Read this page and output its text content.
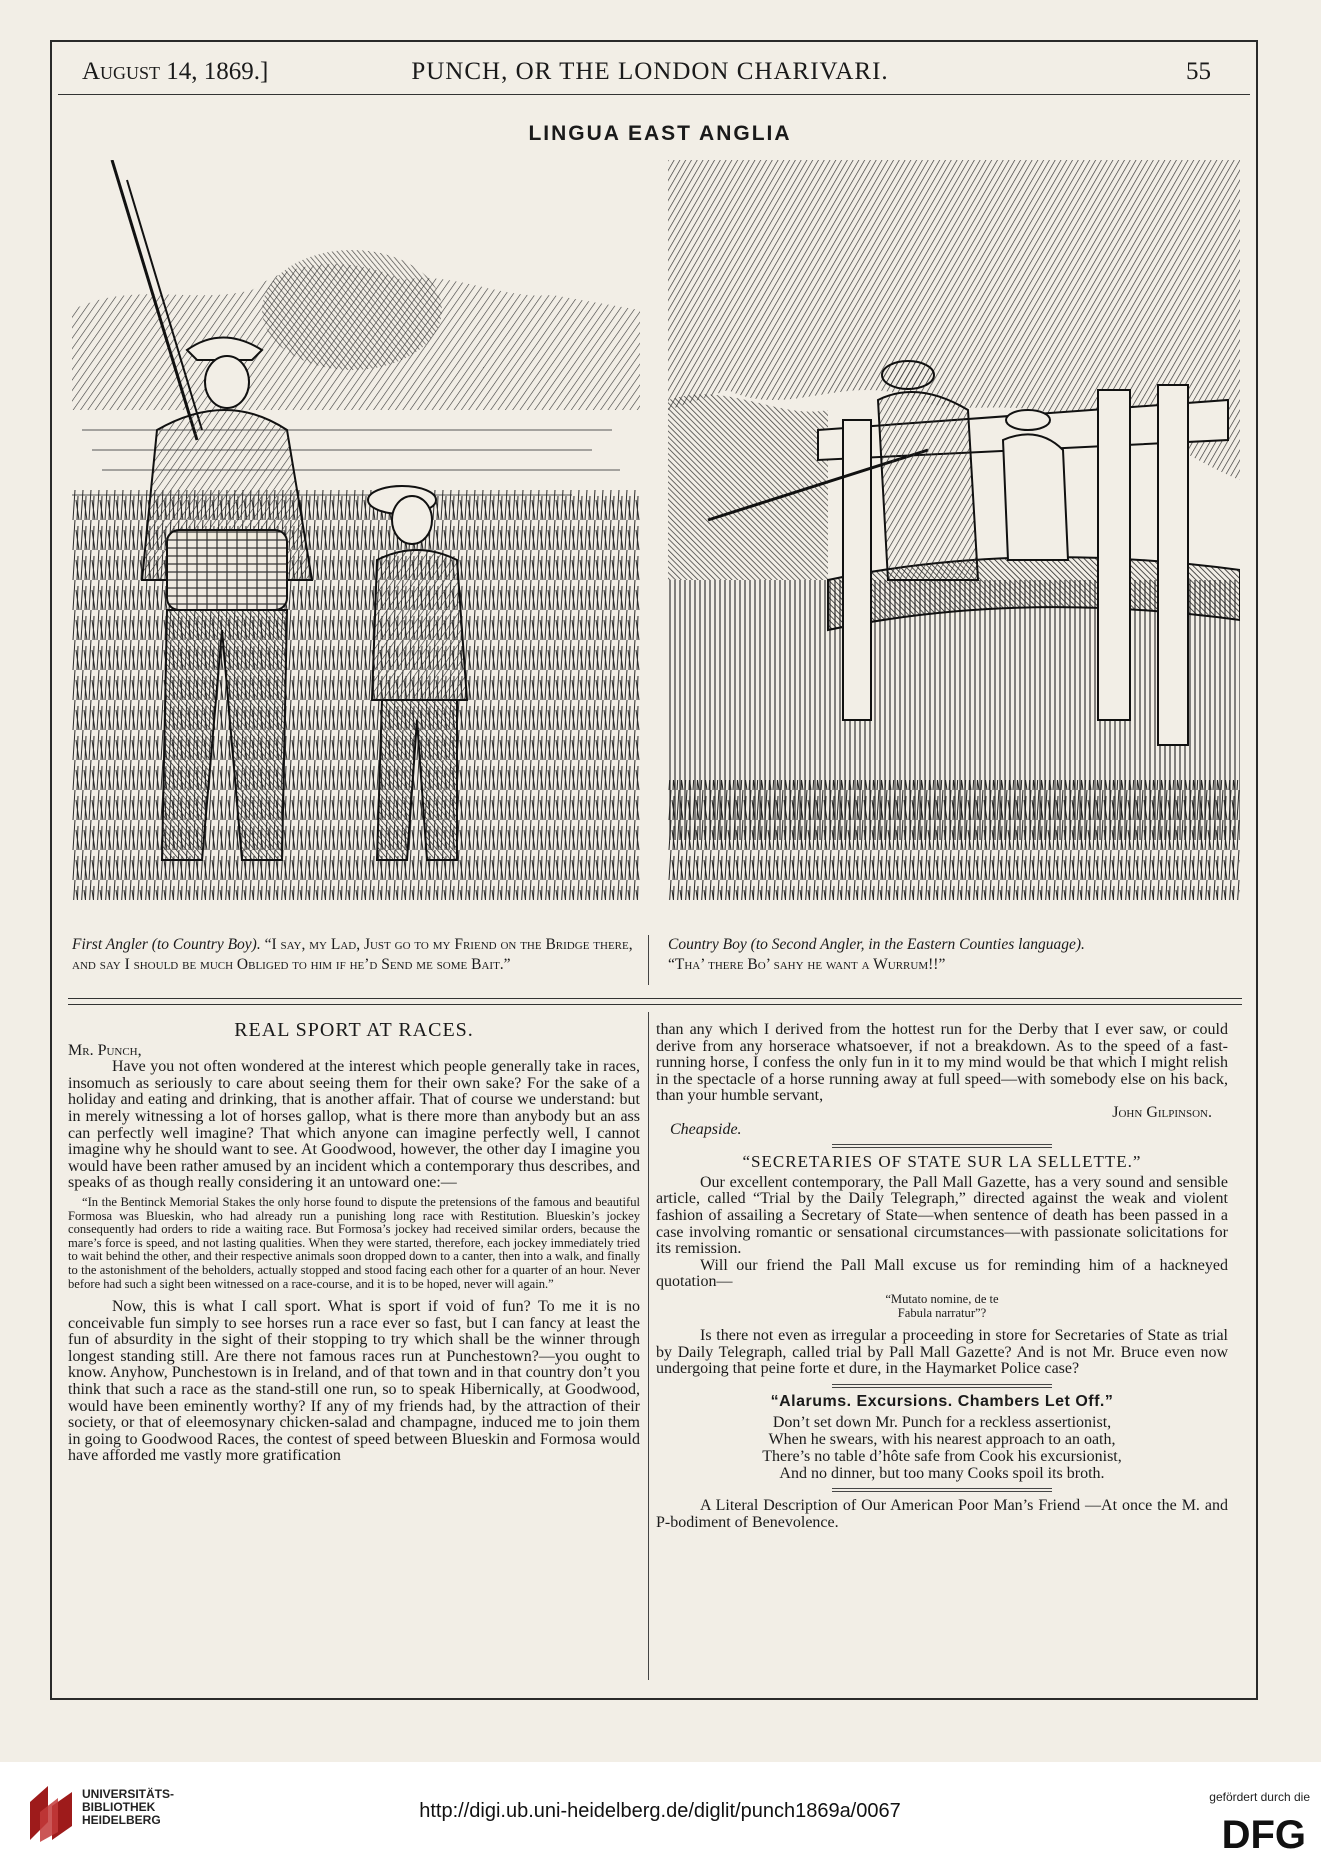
August 14, 1869.]	PUNCH, OR THE LONDON CHARIVARI.	55
LINGUA EAST ANGLIA
First Angler (to Country Boy). “I say, my Lad, Just go to my Friend on the Bridge there, and say I should be much Obliged to him if he’d Send me some Bait.”
Country Boy (to Second Angler, in the Eastern Counties language).
“Tha’ there Bo’ sahy he want a Wurrum!!”
REAL SPORT AT RACES.

Mr. Punch,

Have you not often wondered at the interest which people generally take in races, insomuch as seriously to care about seeing them for their own sake? For the sake of a holiday and eating and drinking, that is another affair. That of course we understand: but in merely witnessing a lot of horses gallop, what is there more than anybody but an ass can perfectly well imagine? That which anyone can imagine perfectly well, I cannot imagine why he should want to see. At Goodwood, however, the other day I imagine you would have been rather amused by an incident which a contemporary thus describes, and speaks of as though really considering it an untoward one:—

“In the Bentinck Memorial Stakes the only horse found to dispute the pretensions of the famous and beautiful Formosa was Blueskin, who had already run a punishing long race with Restitution. Blueskin’s jockey consequently had orders to ride a waiting race. But Formosa’s jockey had received similar orders, because the mare’s force is speed, and not lasting qualities. When they were started, therefore, each jockey immediately tried to wait behind the other, and their respective animals soon dropped down to a canter, then into a walk, and finally to the astonishment of the beholders, actually stopped and stood facing each other for a quarter of an hour. Never before had such a sight been witnessed on a race-course, and it is to be hoped, never will again.”

Now, this is what I call sport. What is sport if void of fun? To me it is no conceivable fun simply to see horses run a race ever so fast, but I can fancy at least the fun of absurdity in the sight of their stopping to try which shall be the winner through longest standing still. Are there not famous races run at Punchestown?—you ought to know. Anyhow, Punchestown is in Ireland, and of that town and in that country don’t you think that such a race as the stand-still one run, so to speak Hibernically, at Goodwood, would have been eminently worthy? If any of my friends had, by the attraction of their society, or that of eleemosynary chicken-salad and champagne, induced me to join them in going to Goodwood Races, the contest of speed between Blueskin and Formosa would have afforded me vastly more gratification

than any which I derived from the hottest run for the Derby that I ever saw, or could derive from any horserace whatsoever, if not a breakdown. As to the speed of a fast-running horse, I confess the only fun in it to my mind would be that which I might relish in the spectacle of a horse running away at full speed—with somebody else on his back, than your humble servant,

John Gilpinson.

Cheapside.

“SECRETARIES OF STATE SUR LA SELLETTE.”

Our excellent contemporary, the Pall Mall Gazette, has a very sound and sensible article, called “Trial by the Daily Telegraph,” directed against the weak and violent fashion of assailing a Secretary of State—when sentence of death has been passed in a case involving romantic or sensational circumstances—with passionate solicitations for its remission.

Will our friend the Pall Mall excuse us for reminding him of a hackneyed quotation—

“Mutato nomine, de te
Fabula narratur”?

Is there not even as irregular a proceeding in store for Secretaries of State as trial by Daily Telegraph, called trial by Pall Mall Gazette? And is not Mr. Bruce even now undergoing that peine forte et dure, in the Haymarket Police case?

“Alarums. Excursions. Chambers Let Off.”
Don’t set down Mr. Punch for a reckless assertionist,
When he swears, with his nearest approach to an oath,
There’s no table d’hôte safe from Cook his excursionist,
And no dinner, but too many Cooks spoil its broth.

A Literal Description of Our American Poor Man’s Friend —At once the M. and P-bodiment of Benevolence.

UNIVERSITÄTS-
BIBLIOTHEK
HEIDELBERG	http://digi.ub.uni-heidelberg.de/diglit/punch1869a/0067
gefördert durch die
DFG
